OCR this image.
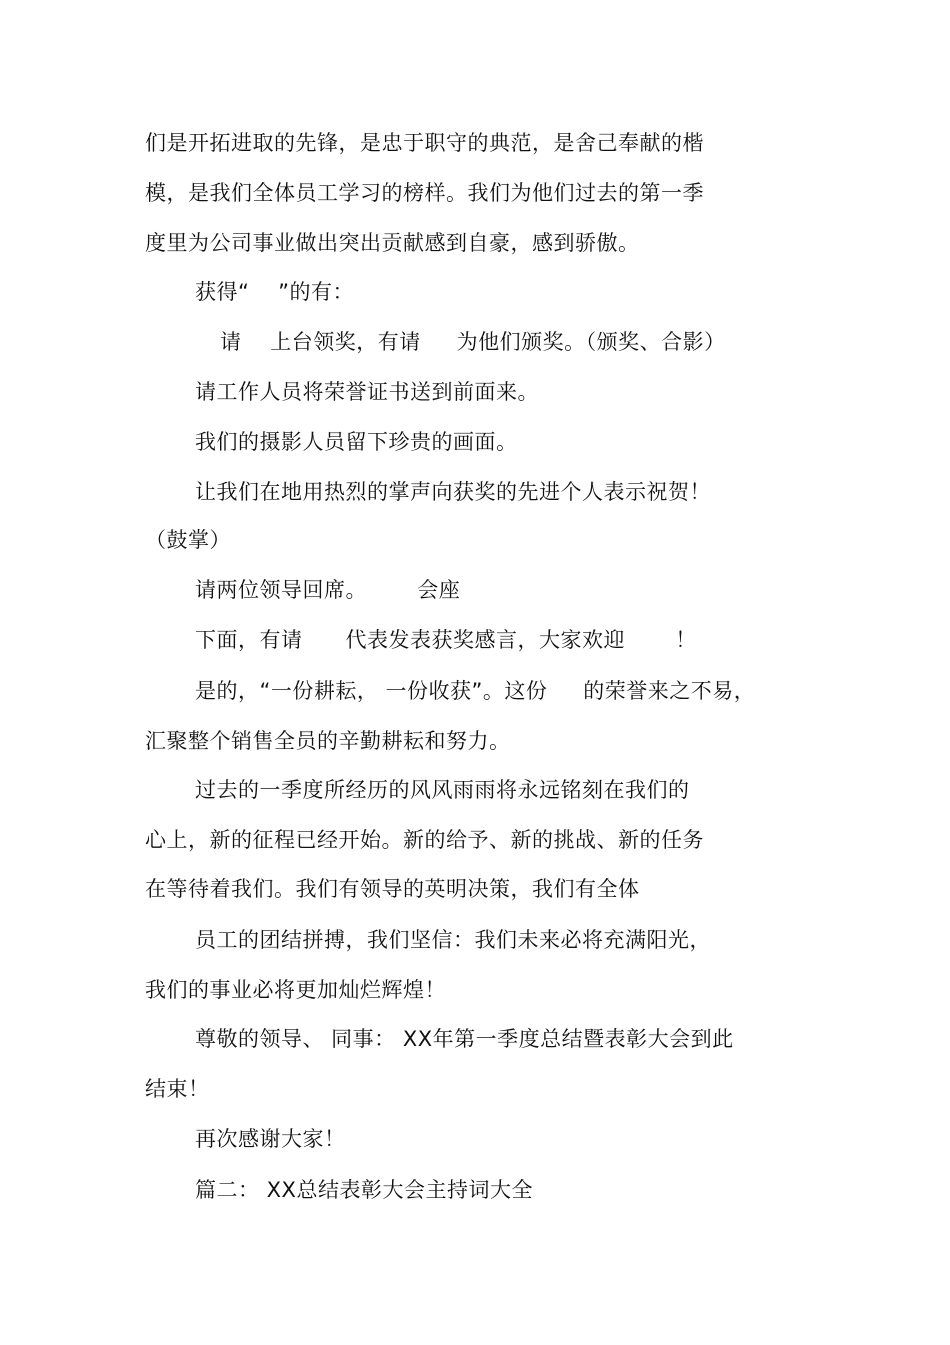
们是开拓进取的先锋，是忠于职守的典范，是舍己奉献的楷
模，是我们全体员工学习的榜样。我们为他们过去的第一季
度里为公司事业做出突出贡献感到自豪，感到骄傲。
获得“    ”的有：
请    上台领奖，有请     为他们颁奖。（颁奖、合影）
请工作人员将荣誉证书送到前面来。
我们的摄影人员留下珍贵的画面。
让我们在地用热烈的掌声向获奖的先进个人表示祝贺！
（鼓掌）
请两位领导回席。       会座
下面，有请      代表发表获奖感言，大家欢迎       ！
是的，“一份耕耘， 一份收获”。这份     的荣誉来之不易，
汇聚整个销售全员的辛勤耕耘和努力。
过去的一季度所经历的风风雨雨将永远铭刻在我们的
心上，新的征程已经开始。新的给予、新的挑战、新的任务
在等待着我们。我们有领导的英明决策，我们有全体
员工的团结拼搏，我们坚信：我们未来必将充满阳光，
我们的事业必将更加灿烂辉煌！
尊敬的领导、 同事： XX年第一季度总结暨表彰大会到此
结束！
再次感谢大家！
篇二： XX总结表彰大会主持词大全
